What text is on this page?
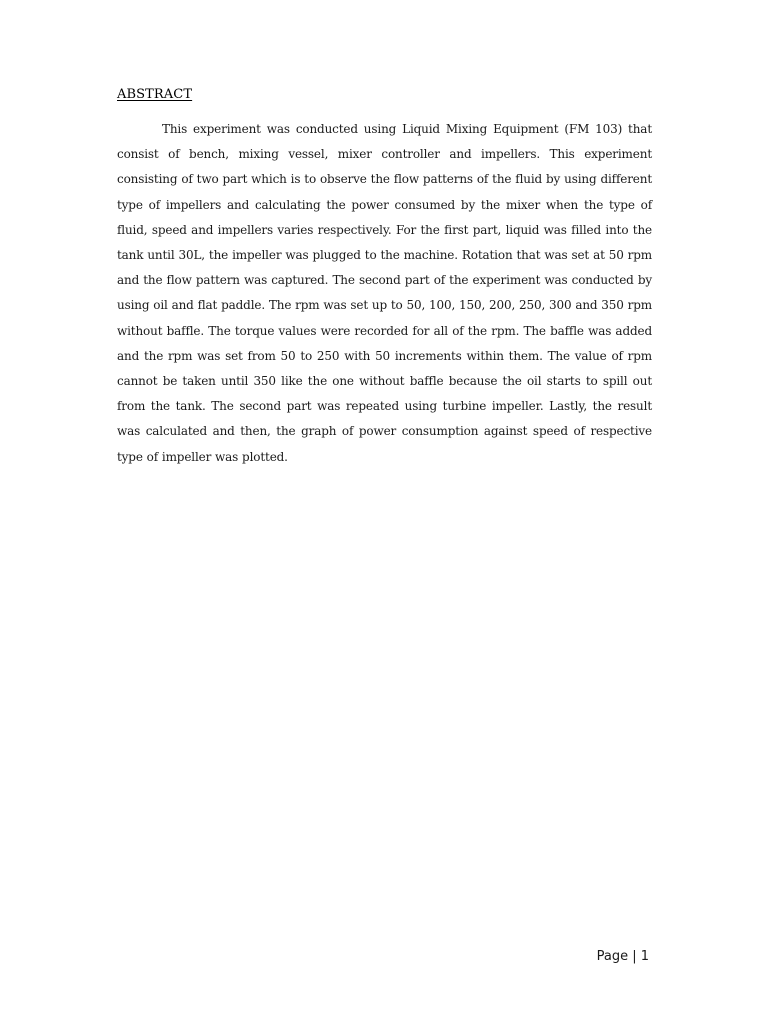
ABSTRACT

This experiment was conducted using Liquid Mixing Equipment (FM 103) that consist of bench, mixing vessel, mixer controller and impellers. This experiment consisting of two part which is to observe the flow patterns of the fluid by using different type of impellers and calculating the power consumed by the mixer when the type of fluid, speed and impellers varies respectively. For the first part, liquid was filled into the tank until 30L, the impeller was plugged to the machine. Rotation that was set at 50 rpm and the flow pattern was captured. The second part of the experiment was conducted by using oil and flat paddle. The rpm was set up to 50, 100, 150, 200, 250, 300 and 350 rpm without baffle. The torque values were recorded for all of the rpm. The baffle was added and the rpm was set from 50 to 250 with 50 increments within them. The value of rpm cannot be taken until 350 like the one without baffle because the oil starts to spill out from the tank. The second part was repeated using turbine impeller. Lastly, the result was calculated and then, the graph of power consumption against speed of respective type of impeller was plotted.

Page | 1
